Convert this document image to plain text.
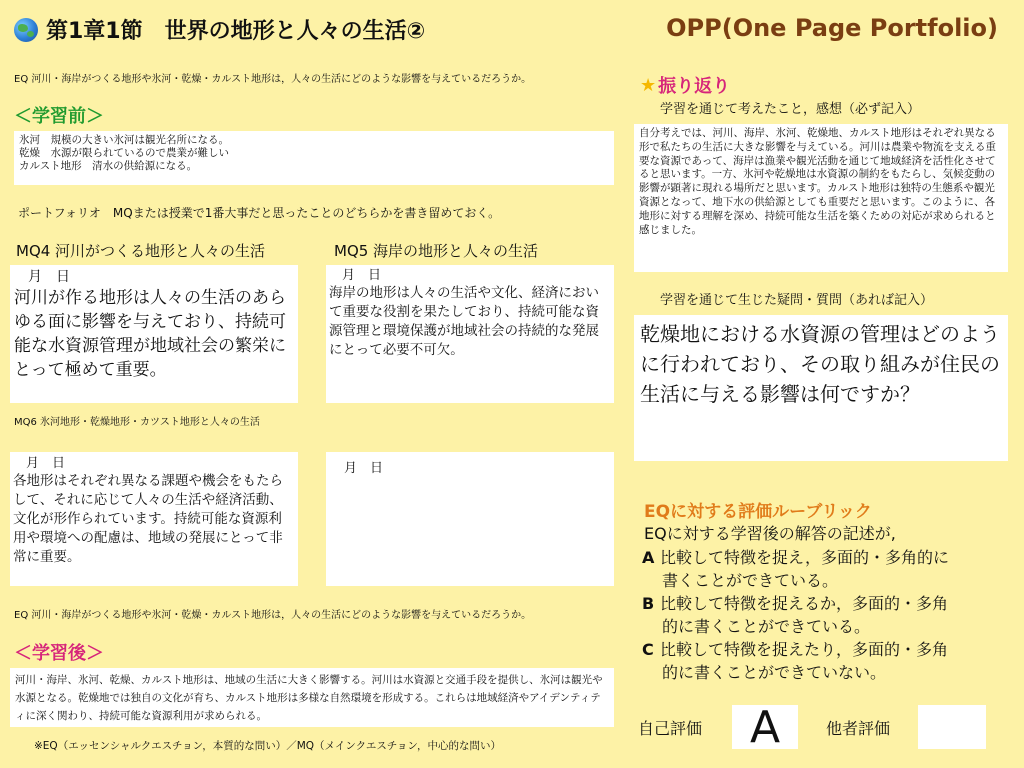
第1章1節　世界の地形と人々の生活②	OPP(One Page Portfolio)
EQ 河川・海岸がつくる地形や氷河・乾燥・カルスト地形は，人々の生活にどのような影響を与えているだろうか。
＜学習前＞
氷河　規模の大きい氷河は観光名所になる。
乾燥　水源が限られているので農業が難しい
カルスト地形　清水の供給源になる。
ポートフォリオ　MQまたは授業で1番大事だと思ったことのどちらかを書き留めておく。
MQ4 河川がつくる地形と人々の生活	MQ5 海岸の地形と人々の生活
　月　日
河川が作る地形は人々の生活のあらゆる面に影響を与えており、持続可能な水資源管理が地域社会の繁栄にとって極めて重要。
　月　日
海岸の地形は人々の生活や文化、経済において重要な役割を果たしており、持続可能な資源管理と環境保護が地域社会の持続的な発展にとって必要不可欠。
MQ6 氷河地形・乾燥地形・カツスト地形と人々の生活
　月　日
各地形はそれぞれ異なる課題や機会をもたらして、それに応じて人々の生活や経済活動、文化が形作られています。持続可能な資源利用や環境への配慮は、地域の発展にとって非常に重要。
月　日
EQ 河川・海岸がつくる地形や氷河・乾燥・カルスト地形は，人々の生活にどのような影響を与えているだろうか。
＜学習後＞
河川・海岸、氷河、乾燥、カルスト地形は、地域の生活に大きく影響する。河川は水資源と交通手段を提供し、氷河は観光や水源となる。乾燥地では独自の文化が育ち、カルスト地形は多様な自然環境を形成する。これらは地域経済やアイデンティティに深く関わり、持続可能な資源利用が求められる。
※EQ（エッセンシャルクエスチョン，本質的な問い）／MQ（メインクエスチョン，中心的な問い）
★ 振り返り
学習を通じて考えたこと，感想（必ず記入）
自分考えでは、河川、海岸、氷河、乾燥地、カルスト地形はそれぞれ異なる形で私たちの生活に大きな影響を与えている。河川は農業や物流を支える重要な資源であって、海岸は漁業や観光活動を通じて地域経済を活性化させてると思います。一方、氷河や乾燥地は水資源の制約をもたらし、気候変動の影響が顕著に現れる場所だと思います。カルスト地形は独特の生態系や観光資源となって、地下水の供給源としても重要だと思います。このように、各地形に対する理解を深め、持続可能な生活を築くための対応が求められると感じました。
学習を通じて生じた疑問・質問（あれば記入）
乾燥地における水資源の管理はどのように行われており、その取り組みが住民の生活に与える影響は何ですか？
EQに対する評価ルーブリック
EQに対する学習後の解答の記述が,
A 比較して特徴を捉え，多面的・多角的に
書くことができている。
B 比較して特徴を捉えるか，多面的・多角
的に書くことができている。
C 比較して特徴を捉えたり，多面的・多角
的に書くことができていない。
自己評価 A	他者評価
